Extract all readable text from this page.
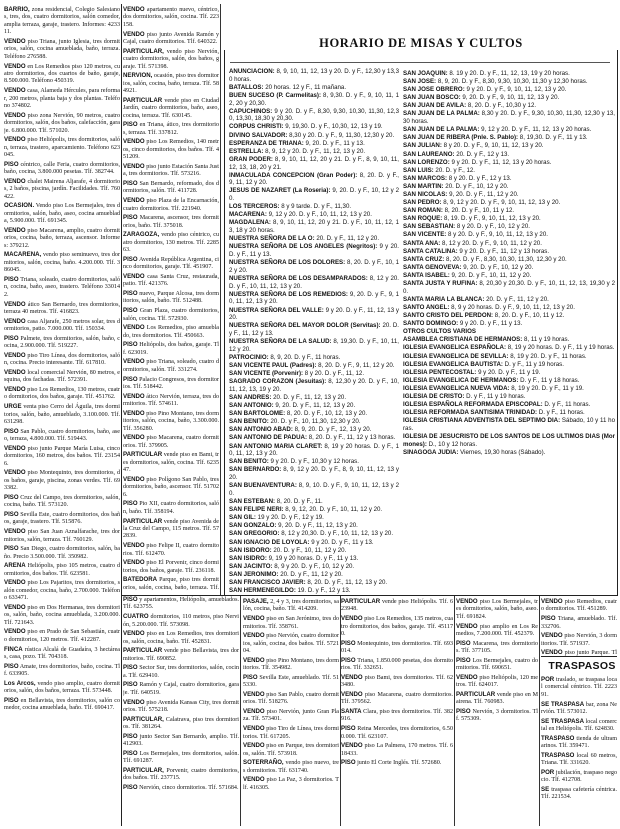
BARRIO, zona residencial, Colegio Salesianos, tres, dos, cuatro dormitorios, salón comedor, amplia terraza, garaje, trastero. Informes: 423311.

VENDO piso Triana, junto Iglesia, tres dormitorios, salón, cocina amueblada, baño, terraza. Teléfono 276588.

VENDO en Los Remedios piso 120 metros, cuatro dormitorios, dos cuartos de baño, garaje, 8.500.000. Teléfono 450319.

VENDO casa, Alameda Hércules, para reformar, 200 metros, planta baja y dos plantas. Teléfono 374802.

VENDO piso zona Nervión, 90 metros, cuatro dormitorios, salón, dos baños, calefacción, garaje. 6.800.000. Tlf. 571020.

VENDO piso Heliópolis, tres dormitorios, salón, terraza, trastero, aparcamiento. Teléfono 623045.

PISO céntrico, calle Feria, cuatro dormitorios, baño, cocina, 3.800.000 pesetas. Tlf. 382744.

VENDO chalet Mairena Aljarafe, 4 dormitorios, 2 baños, piscina, jardín. Facilidades. Tlf. 760422.

OCASION. Vendo piso Los Bermejales, tres dormitorios, salón, baño, aseo, cocina amueblada, 5.900.000. Tlf. 691345.

VENDO piso Macarena, amplio, cuatro dormitorios, cocina, baño, terraza, ascensor. Informes: 379212.

MACARENA, vendo piso seminuevo, tres dormitorios, salón, cocina, baño. 4.200.000. Tlf. 386045.

PISO Triana, soleado, cuatro dormitorios, salón, cocina, baño, aseo, trastero. Teléfono 330142.

VENDO ático San Bernardo, tres dormitorios, terraza 40 metros. Tlf. 416823.

VENDO casa Aljarafe, 250 metros solar, tres dormitorios, patio. 7.000.000. Tlf. 150334.

PISO Palmete, tres dormitorios, salón, baño, cocina, 2.900.000. Tlf. 519227.

VENDO piso Tiro Línea, dos dormitorios, salón, cocina. Precio interesante. Tlf. 617810.

VENDO local comercial Nervión, 80 metros, esquina, dos fachadas. Tlf. 572391.

VENDO piso Los Remedios, 130 metros, cuatro dormitorios, dos baños, garaje. Tlf. 451762.

URGE venta piso Cerro del Águila, tres dormitorios, salón, baño, amueblado, 3.100.000. Tlf. 631298.

PISO San Pablo, cuatro dormitorios, baño, aseo, terraza, 4.800.000. Tlf. 519443.

VENDO piso junto Parque María Luisa, cinco dormitorios, 160 metros, dos baños. Tlf. 231546.

VENDO piso Montequinto, tres dormitorios, dos baños, garaje, piscina, zonas verdes. Tlf. 693382.

PISO Cruz del Campo, tres dormitorios, salón, cocina, baño. Tlf. 573120.

PISO Sevilla Este, cuatro dormitorios, dos baños, garaje, trastero. Tlf. 515876.

VENDO piso San Juan Aznalfarache, tres dormitorios, salón, terraza. Tlf. 760129.

PISO San Diego, cuatro dormitorios, salón, baño. Precio 3.500.000. Tlf. 350982.

ARENA Heliópolis, piso 105 metros, cuatro dormitorios, dos baños. Tlf. 623581.

VENDO piso Los Pajaritos, tres dormitorios, salón comedor, cocina, baño, 2.700.000. Teléfono 633471.

VENDO piso en Dos Hermanas, tres dormitorios, salón, baño, cocina amueblada, 3.200.000. Tlf. 721643.

VENDO piso en Prado de San Sebastián, cuatro dormitorios, 120 metros. Tlf. 412287.

FINCA rústica Alcalá de Guadaíra, 3 hectáreas, casa, pozo. Tlf. 704318.

PISO Amate, tres dormitorios, baño, cocina. Tlf. 633905.

Los Arcos, vendo piso amplio, cuatro dormitorios, salón, dos baños, terraza. Tlf. 573448.

PISO en Bellavista, tres dormitorios, salón comedor, cocina amueblada, baño. Tlf. 690417.

VENDO apartamento nuevo, céntrico, dos dormitorios, salón, cocina. Tlf. 223158.

VENDO piso junto Avenida Ramón y Cajal, cuatro dormitorios. Tlf. 640322.

PARTICULAR, vendo piso Nervión, cuatro dormitorios, salón, dos baños, garaje. Tlf. 571398.

NERVION, ocasión, piso tres dormitorios, salón, cocina, baño, terraza. Tlf. 584921.

PARTICULAR vende piso en Ciudad Jardín, cuatro dormitorios, baño, aseo, cocina, terraza. Tlf. 630145.

PISO en Triana, ático, tres dormitorios, terraza. Tlf. 337812.

VENDO piso Los Remedios, 140 metros, cinco dormitorios, dos baños. Tlf. 451209.

VENDO piso junto Estación Santa Justa, tres dormitorios. Tlf. 573216.

PISO San Bernardo, reformado, dos dormitorios, salón. Tlf. 411728.

VENDO piso Plaza de la Encarnación, cuatro dormitorios. Tlf. 221940.

PISO Macarena, ascensor, tres dormitorios, baño. Tlf. 375018.

ZARAGOZA, vendo piso céntrico, cuatro dormitorios, 130 metros. Tlf. 228563.

PISO Avenida República Argentina, cinco dormitorios, garaje. Tlf. 451907.

VENDO casa Santa Cruz, restaurada, patio. Tlf. 421376.

PISO nuevo, Parque Alcosa, tres dormitorios, salón, baño. Tlf. 512488.

PISO Gran Plaza, cuatro dormitorios, salón, cocina. Tlf. 572930.

VENDO Los Remedios, piso amueblado, tres dormitorios. Tlf. 450663.

PISO Heliópolis, dos baños, garaje. Tlf. 623019.

VENDO piso Triana, soleado, cuatro dormitorios, salón. Tlf. 331274.

PISO Palacio Congresos, tres dormitorios. Tlf. 518442.

VENDO ático Nervión, terraza, tres dormitorios. Tlf. 574611.

VENDO piso Pino Montano, tres dormitorios, salón, cocina, baño, 3.300.000. Tlf. 356280.

VENDO piso Macarena, cuatro dormitorios. Tlf. 379905.

PARTICULAR vende piso en Bami, tres dormitorios, salón, cocina. Tlf. 623547.

VENDO piso Polígono San Pablo, tres dormitorios, baño, ascensor. Tlf. 517026.

PISO Pio XII, cuatro dormitorios, salón, baño. Tlf. 358194.

PARTICULAR vende piso Avenida de la Cruz del Campo, 115 metros. Tlf. 572839.

VENDO piso Felipe II, cuatro dormitorios. Tlf. 612470.

VENDO piso El Porvenir, cinco dormitorios, dos baños, garaje. Tlf. 236118.

BATEDORA Parque, piso tres dormitorios, salón, cocina, baño, terraza. Tlf.

HORARIO DE MISAS Y CULTOS

ANUNCIACION: 8, 9, 10, 11, 12, 13 y 20. D. y F., 12,30 y 13,30 horas.

BATALLOS: 20 horas. 12 y F., 11 mañana.

BUEN SUCESO (P. Carmelitas): 8, 9,30. D. y F., 9, 10, 11, 12, 20 y 20,30.

CAPUCHINOS: 9 y 20. D. y F., 8,30, 9,30, 10,30, 11,30, 12,30, 13,30, 18,30 y 20,30.

CORPUS CHRISTI: 9, 19,30. D. y F., 10,30, 12, 13 y 19.

DIVINO SALVADOR: 8,30 y 20. D. y F., 9, 11,30, 12,30 y 20.

ESPERANZA DE TRIANA: 9, 20. D. y F., 11 y 13.

ESTRELLA: 8, 9, 12 y 20. D. y F., 11, 12, 13 y 20.

GRAN PODER: 8, 9, 10, 11, 12, 20 y 21. D. y F., 8, 9, 10, 11, 12, 13, 18, 20 y 21.

INMACULADA CONCEPCION (Gran Poder): 8, 20. D. y F., 9, 11, 12 y 20.

JESUS DE NAZARET (La Roseria): 9, 20. D. y F., 10, 12 y 20.

LOS TERCEROS: 8 y 9 tarde. D. y F., 11,30.

MACARENA: 9, 12 y 20. D. y F., 10, 11, 12, 13 y 20.

MAGDALENA: 8, 9, 10, 11, 12, 20 y 21. D. y F., 10, 11, 12, 13, 18 y 20 horas.

NUESTRA SEÑORA DE LA O: 20. D. y F., 11, 12 y 20.

NUESTRA SEÑORA DE LOS ANGELES (Negritos): 9 y 20. D. y F., 11 y 13.

NUESTRA SEÑORA DE LOS DOLORES: 8, 20. D. y F., 10, 12 y 20.

NUESTRA SEÑORA DE LOS DESAMPARADOS: 8, 12 y 20. D. y F., 10, 11, 12, 13 y 20.

NUESTRA SEÑORA DE LOS REMEDIOS: 9, 20. D. y F., 9, 10, 11, 12, 13 y 20.

NUESTRA SEÑORA DEL VALLE: 9 y 20. D. y F., 11, 12, 13 y 20.

NUESTRA SEÑORA DEL MAYOR DOLOR (Servitas): 20. D. y F., 11, 12 y 13.

NUESTRA SEÑORA DE LA SALUD: 8, 19,30. D. y F., 10, 11, 12 y 20.

PATROCINIO: 8, 9, 20. D. y F., 11 horas.

SAN VICENTE PAUL (Padres): 8, 20. D. y F., 9, 11, 12 y 20.

SAN VICENTE (Porvenir): 8 y 20. D. y F., 11, 12.

SAGRADO CORAZON (Jesuitas): 8, 12,30 y 20. D. y F., 10, 11, 12, 13, 19 y 20.

SAN ANDRES: 20. D. y F., 11, 12, 13 y 20.

SAN ANTONIO: 9, 20. D. y F., 11, 12, 13 y 20.

SAN BARTOLOME: 8, 20. D. y F., 10, 12, 13 y 20.

SAN BENITO: 20. D. y F., 10, 11,30, 12,30 y 20.

SAN ANTONIO ABAD: 8, 9, 20. D. y F., 12, 13 y 20.

SAN ANTONIO DE PADUA: 8, 20. D. y F., 11, 12 y 13 horas.

SAN ANTONIO MARIA CLARET: 8, 19 y 20 horas. D. y F., 10, 11, 12, 13 y 20.

SAN BENITO: 9 y 20. D. y F., 10,30 y 12 horas.

SAN BERNARDO: 8, 9, 12 y 20. D. y F., 8, 9, 10, 11, 12, 13 y 20.

SAN BUENAVENTURA: 8, 9, 10. D. y F., 9, 10, 11, 12, 13 y 20.

SAN ESTEBAN: 8, 20. D. y F., 11.

SAN FELIPE NERI: 8, 9, 12, 20. D. y F., 10, 11, 12 y 20.

SAN GIL: 19 y 20. D. y F., 12 y 19.

SAN GONZALO: 9, 20. D. y F., 11, 12, 13 y 20.

SAN GREGORIO: 8, 12 y 20,30. D. y F., 10, 11, 12, 13 y 20.

SAN IGNACIO DE LOYOLA: 9 y 20. D. y F., 11 y 13.

SAN ISIDORO: 20. D. y F., 10, 11, 12 y 20.

SAN ISIDRO: 9, 19 y 20 horas. D. y F., 11 y 13.

SAN JACINTO: 8, 9 y 20. D. y F., 10, 12 y 20.

SAN JERONIMO: 20. D. y F., 11, 12 y 20.

SAN FRANCISCO JAVIER: 8, 20. D. y F., 11, 12, 13 y 20.

SAN HERMENEGILDO: 19. D. y F., 12 y 13.

SAN JOAQUIN: 8. 19 y 20. D. y F., 11, 12, 13, 19 y 20 horas.

SAN JOSE: 8, 9, 20. D. y F., 8,30, 9,30, 10,30, 11,30 y 12,30 horas.

SAN JOSE OBRERO: 9 y 20. D. y F., 9, 10, 11, 12, 13 y 20.

SAN JUAN BOSCO: 9, 20. D. y F., 9, 10, 11, 12, 13 y 20.

SAN JUAN DE AVILA: 8, 20. D. y F., 10,30 y 12.

SAN JUAN DE LA PALMA: 8,30 y 20. D. y F., 9,30, 10,30, 11,30, 12,30 y 13,30 horas.

SAN JUAN DE LA PALMA: 9, 12 y 20. D. y F., 11, 12, 13 y 20 horas.

SAN JUAN DE RIBERA (Pnle. S. Pablo): 8, 19,30. D. y F., 11 y 13.

SAN JULIAN: 8 y 20. D. y F., 9, 10, 11, 12, 13 y 20.

SAN LAUREANO: 20. D. y F., 12 y 13.

SAN LORENZO: 9 y 20. D. y F., 11, 12, 13 y 20 horas.

SAN LUIS: 20. D. y F., 12.

SAN MARCOS: 8 y 20. D. y F., 12 y 13.

SAN MARTIN: 20. D. y F., 10, 12 y 20.

SAN NICOLAS: 9, 20. D. y F., 11, 12 y 20.

SAN PEDRO: 8, 9, 12 y 20. D. y F., 9, 10, 11, 12, 13 y 20.

SAN ROMAN: 8, 20. D. y F., 10, 11 y 12.

SAN ROQUE: 8, 19. D. y F., 9, 10, 11, 12, 13 y 20.

SAN SEBASTIAN: 8 y 20. D. y F., 10, 12 y 20.

SAN VICENTE: 8 y 20. D. y F., 9, 10, 11, 12, 13 y 20.

SANTA ANA: 8, 12 y 20. D. y F., 9, 10, 11, 12 y 20.

SANTA CATALINA: 9 y 20. D. y F., 11, 12 y 13 horas.

SANTA CRUZ: 8, 20. D. y F., 8,30, 10,30, 11,30, 12,30 y 20.

SANTA GENOVEVA: 9, 20. D. y F., 10, 12 y 20.

SANTA ISABEL: 9, 20. D. y F., 10, 11, 12 y 20.

SANTA JUSTA Y RUFINA: 8, 20,30 y 20,30. D. y F., 10, 11, 12, 13, 19,30 y 20.

SANTA MARIA LA BLANCA: 20. D. y F., 11, 12 y 20.

SANTO ANGEL: 8, 9 y 20 horas. D. y F., 9, 10, 11, 12, 13 y 20.

SANTO CRISTO DEL PERDON: 8, 20. D. y F., 10, 11 y 12.

SANTO DOMINGO: 9 y 20. D. y F., 11 y 13.

OTROS CULTOS VARIOS

ASAMBLEA CRISTIANA DE HERMANOS: 8, 11 y 19 horas.

IGLESIA EVANGELICA ESPAÑOLA: 8, 19 y 20 horas. D. y F., 11 y 19 horas.

IGLESIA EVANGELICA DE SEVILLA: 8, 19 y 20. D. y F., 11 horas.

IGLESIA EVANGELICA BAUTISTA: D. y F., 11 y 19 horas.

IGLESIA PENTECOSTAL: 9 y 20. D. y F., 11 y 19.

IGLESIA EVANGELICA DE HERMANOS: D. y F., 11 y 18 horas.

IGLESIA EVANGELICA NUEVA VIDA: 8, 19 y 20. D. y F., 11 y 19.

IGLESIA DE CRISTO: D. y F., 11 y 19 horas.

IGLESIA ESPAÑOLA REFORMADA EPISCOPAL: D. y F., 11 horas.

IGLESIA REFORMADA SANTISIMA TRINIDAD: D. y F., 11 horas.

IGLESIA CRISTIANA ADVENTISTA DEL SEPTIMO DIA: Sábado, 10 y 11 horas.

IGLESIA DE JESUCRISTO DE LOS SANTOS DE LOS ULTIMOS DIAS (Mormones): D., 10 y 12 horas.

SINAGOGA JUDIA: Viernes, 19,30 horas (Sábado).

PISO y apartamentos, Heliópolis, amueblados. Tlf. 623755.

CUATRO dormitorios, 110 metros, piso Nervión, 5.200.000. Tlf. 573098.

VENDO piso en Los Remedios, tres dormitorios, salón, cocina, baño. Tlf. 452831.

PARTICULAR vende piso Bellavista, tres dormitorios. Tlf. 690852.

PISO Sector Sur, tres dormitorios, salón, cocina. Tlf. 629410.

PISO Ramón y Cajal, cuatro dormitorios, garaje. Tlf. 640519.

VENDO piso Avenida Kansas City, tres dormitorios. Tlf. 575218.

PARTICULAR, Calatrava, piso tres dormitorios. Tlf. 381264.

PISO junto Sector San Bernardo, amplio. Tlf. 412903.

PISO Los Bermejales, tres dormitorios, salón. Tlf. 691287.

PARTICULAR, Porvenir, cuatro dormitorios, dos baños. Tlf. 237715.

PISO Nervión, cinco dormitorios. Tlf. 571684.

PASAJE, 2, 4 y 3, tres dormitorios, salón, cocina, baño. Tlf. 414209.

VENDO piso en San Jerónimo, tres dormitorios. Tlf. 358761.

VENDO piso Nervión, cuatro dormitorios, salón, cocina, dos baños. Tlf. 572104.

VENDO piso Pino Montano, tres dormitorios. Tlf. 354982.

PISO Sevilla Este, amueblado. Tlf. 515330.

VENDO piso San Pablo, cuatro dormitorios. Tlf. 518276.

VENDO piso Nervión, junto Gran Plaza. Tlf. 573401.

VENDO piso Tiro de Línea, tres dormitorios. Tlf. 617205.

VENDO piso en Parque, tres dormitorios, salón. Tlf. 573918.

SOTERRAÑO, vendo piso nuevo, tres dormitorios. Tlf. 631740.

VENDO piso La Paz, 3 dormitorios. Tlf. 416305.

PARTICULAR vende piso Heliópolis. Tlf. 623948.

VENDO piso Los Remedios, 135 metros, cuatro dormitorios, dos baños, garaje. Tlf. 451170.

PISO Montequinto, tres dormitorios. Tlf. 693014.

PISO Triana, 1.850.000 pesetas, dos dormitorios. Tlf. 332651.

VENDO piso Bami, tres dormitorios. Tlf. 623480.

VENDO piso Macarena, cuatro dormitorios. Tlf. 379562.

SANTA Clara, piso tres dormitorios. Tlf. 382916.

PISO Reina Mercedes, tres dormitorios, 6.500.000. Tlf. 623107.

VENDO piso La Palmera, 170 metros. Tlf. 618433.

PISO junto El Corte Inglés. Tlf. 572680.

VENDO piso Los Bermejales, tres dormitorios, salón, baño, aseo. Tlf. 691824.

VENDO piso amplio en Los Remedios, 7.200.000. Tlf. 452379.

PISO Macarena, tres dormitorios. Tlf. 377105.

PISO Los Bermejales, cuatro dormitorios. Tlf. 690651.

VENDO piso Heliópolis, 120 metros. Tlf. 624017.

PARTICULAR vende piso en Mairena. Tlf. 760983.

PISO Nervión, 3 dormitorios. Tlf. 575309.

VENDO piso Remedios, cuatro dormitorios. Tlf. 451289.

PISO Triana, amueblado. Tlf. 332706.

VENDO piso Nervión, 3 dormitorios. Tlf. 571937.

VENDO piso junto Parque. Tl

TRASPASOS

POR traslado, se traspasa local comercial céntrico. Tlf. 222391.

SE TRASPASA bar, zona Nervión. Tlf. 573012.

SE TRASPASA local comercial en Heliópolis. Tlf. 624830.

TRASPASO tienda de ultramarinos. Tlf. 359471.

TRASPASO local 60 metros, Triana. Tlf. 331620.

POR jubilación, traspaso negocio. Tlf. 412708.

SE traspasa cafetería céntrica. Tlf. 221534.
